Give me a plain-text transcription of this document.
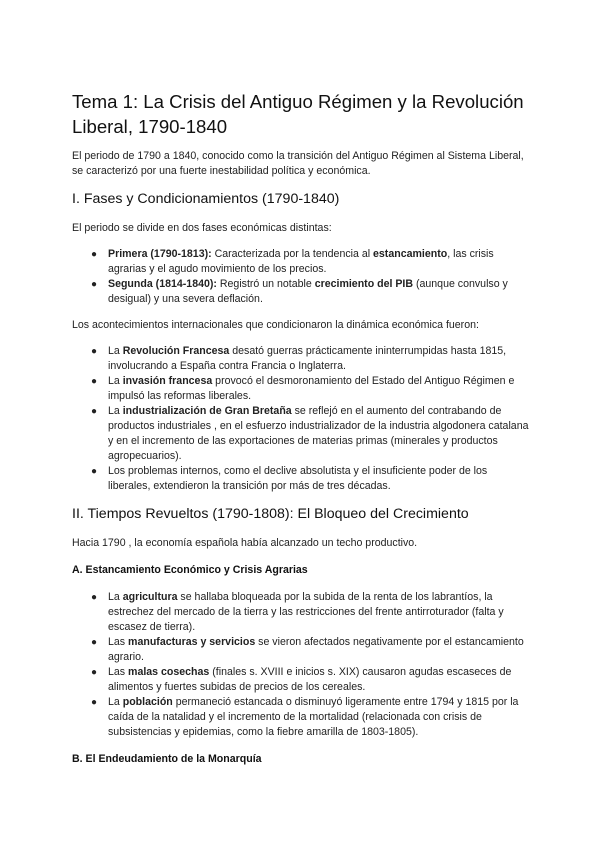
Tema 1: La Crisis del Antiguo Régimen y la Revolución Liberal, 1790-1840

El periodo de 1790 a 1840, conocido como la transición del Antiguo Régimen al Sistema Liberal, se caracterizó por una fuerte inestabilidad política y económica.

I. Fases y Condicionamientos (1790-1840)

El periodo se divide en dos fases económicas distintas:

● Primera (1790-1813): Caracterizada por la tendencia al estancamiento, las crisis agrarias y el agudo movimiento de los precios.
● Segunda (1814-1840): Registró un notable crecimiento del PIB (aunque convulso y desigual) y una severa deflación.

Los acontecimientos internacionales que condicionaron la dinámica económica fueron:

● La Revolución Francesa desató guerras prácticamente ininterrumpidas hasta 1815, involucrando a España contra Francia o Inglaterra.
● La invasión francesa provocó el desmoronamiento del Estado del Antiguo Régimen e impulsó las reformas liberales.
● La industrialización de Gran Bretaña se reflejó en el aumento del contrabando de productos industriales , en el esfuerzo industrializador de la industria algodonera catalana y en el incremento de las exportaciones de materias primas (minerales y productos agropecuarios).
● Los problemas internos, como el declive absolutista y el insuficiente poder de los liberales, extendieron la transición por más de tres décadas.
II. Tiempos Revueltos (1790-1808): El Bloqueo del Crecimiento

Hacia 1790 , la economía española había alcanzado un techo productivo.

A. Estancamiento Económico y Crisis Agrarias
● La agricultura se hallaba bloqueada por la subida de la renta de los labrantíos, la estrechez del mercado de la tierra y las restricciones del frente antirroturador (falta y escasez de tierra).
● Las manufacturas y servicios se vieron afectados negativamente por el estancamiento agrario.
● Las malas cosechas (finales s. XVIII e inicios s. XIX) causaron agudas escaseces de alimentos y fuertes subidas de precios de los cereales.
● La población permaneció estancada o disminuyó ligeramente entre 1794 y 1815 por la caída de la natalidad y el incremento de la mortalidad (relacionada con crisis de subsistencias y epidemias, como la fiebre amarilla de 1803-1805).
B. El Endeudamiento de la Monarquía
